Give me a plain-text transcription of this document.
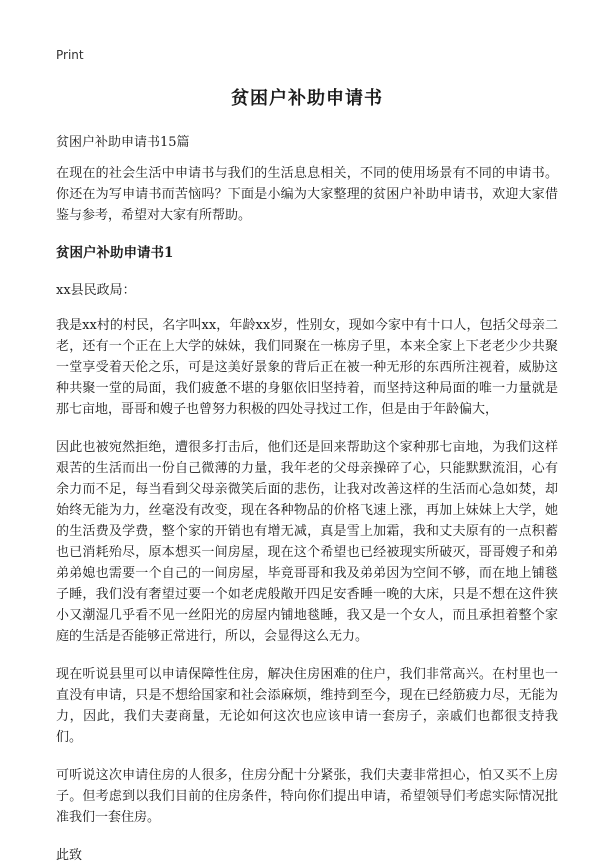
Print
贫困户补助申请书

贫困户补助申请书15篇

在现在的社会生活中申请书与我们的生活息息相关，不同的使用场景有不同的申请书。你还在为写申请书而苦恼吗？下面是小编为大家整理的贫困户补助申请书，欢迎大家借鉴与参考，希望对大家有所帮助。

贫困户补助申请书1

xx县民政局：

我是xx村的村民，名字叫xx，年龄xx岁，性别女，现如今家中有十口人，包括父母亲二老，还有一个正在上大学的妹妹，我们同聚在一栋房子里，本来全家上下老老少少共聚一堂享受着天伦之乐，可是这美好景象的背后正在被一种无形的东西所注视着，威胁这种共聚一堂的局面，我们疲惫不堪的身躯依旧坚持着，而坚持这种局面的唯一力量就是那七亩地，哥哥和嫂子也曾努力积极的四处寻找过工作，但是由于年龄偏大，

因此也被宛然拒绝，遭很多打击后，他们还是回来帮助这个家种那七亩地，为我们这样艰苦的生活而出一份自己微薄的力量，我年老的父母亲操碎了心，只能默默流泪，心有余力而不足，每当看到父母亲微笑后面的悲伤，让我对改善这样的生活而心急如焚，却始终无能为力，丝毫没有改变，现在各种物品的价格飞速上涨，再加上妹妹上大学，她的生活费及学费，整个家的开销也有增无减，真是雪上加霜，我和丈夫原有的一点积蓄也已消耗殆尽，原本想买一间房屋，现在这个希望也已经被现实所破灭，哥哥嫂子和弟弟弟媳也需要一个自己的一间房屋，毕竟哥哥和我及弟弟因为空间不够，而在地上铺毯子睡，我们没有奢望过要一个如老虎般敞开四足安香睡一晚的大床，只是不想在这件狭小又潮湿几乎看不见一丝阳光的房屋内铺地毯睡，我又是一个女人，而且承担着整个家庭的生活是否能够正常进行，所以，会显得这么无力。

现在听说县里可以申请保障性住房，解决住房困难的住户，我们非常高兴。在村里也一直没有申请，只是不想给国家和社会添麻烦，维持到至今，现在已经筋疲力尽，无能为力，因此，我们夫妻商量，无论如何这次也应该申请一套房子，亲戚们也都很支持我们。

可听说这次申请住房的人很多，住房分配十分紧张，我们夫妻非常担心，怕又买不上房子。但考虑到以我们目前的住房条件，特向你们提出申请，希望领导们考虑实际情况批准我们一套住房。

此致
